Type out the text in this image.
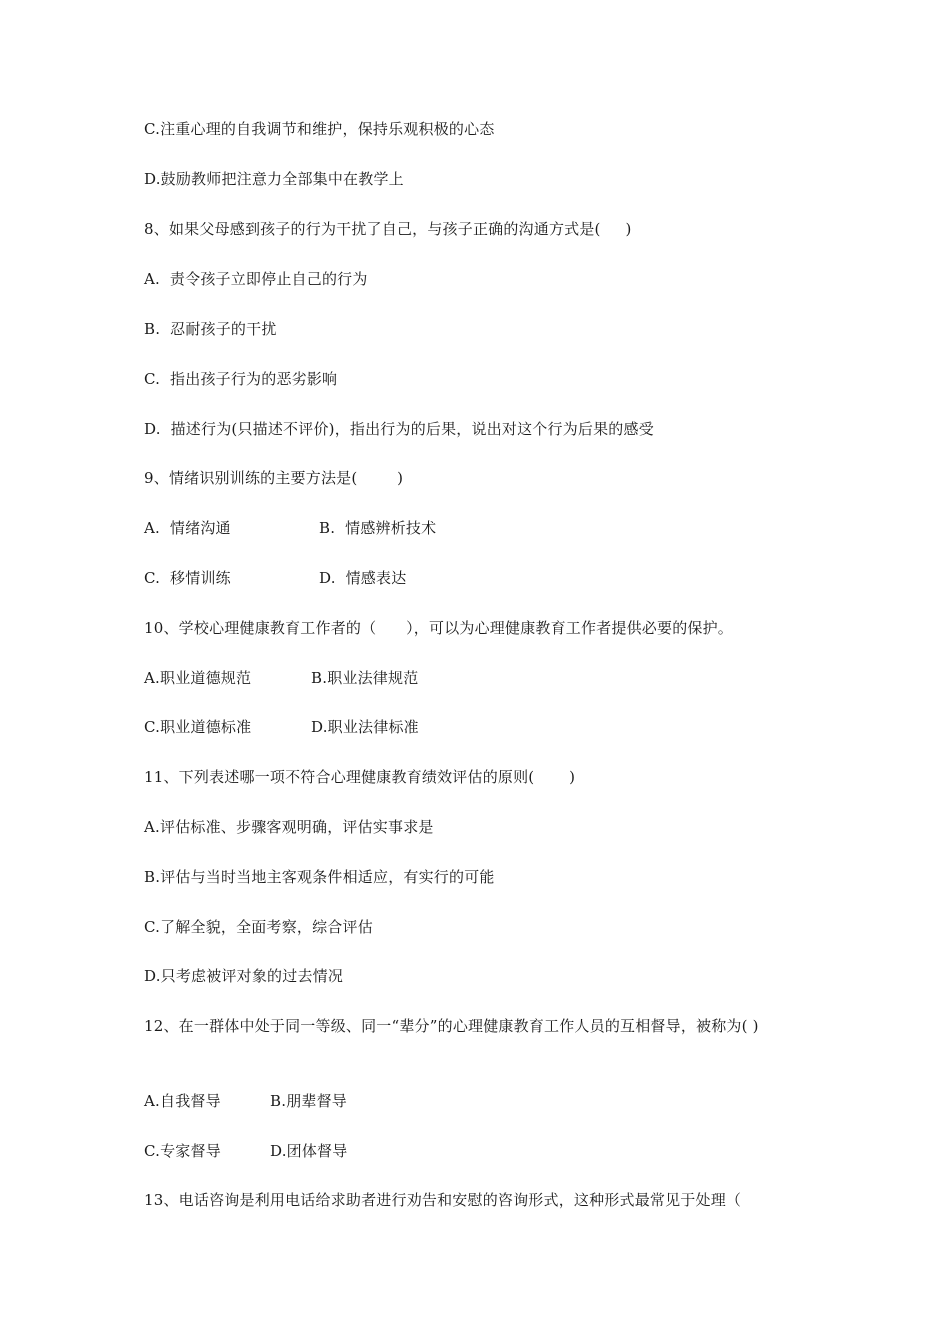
C.注重心理的自我调节和维护，保持乐观积极的心态
D.鼓励教师把注意力全部集中在教学上
8、如果父母感到孩子的行为干扰了自己，与孩子正确的沟通方式是(     )
A.  责令孩子立即停止自己的行为
B.  忍耐孩子的干扰
C.  指出孩子行为的恶劣影响
D.  描述行为(只描述不评价)，指出行为的后果，说出对这个行为后果的感受
9、情绪识别训练的主要方法是(        )
A.  情绪沟通	B.  情感辨析技术
C.  移情训练	D.  情感表达
10、学校心理健康教育工作者的（      ），可以为心理健康教育工作者提供必要的保护。
A.职业道德规范	B.职业法律规范
C.职业道德标准	D.职业法律标准
11、下列表述哪一项不符合心理健康教育绩效评估的原则(       )
A.评估标准、步骤客观明确，评估实事求是
B.评估与当时当地主客观条件相适应，有实行的可能
C.了解全貌，全面考察，综合评估
D.只考虑被评对象的过去情况
12、在一群体中处于同一等级、同一“辈分”的心理健康教育工作人员的互相督导，被称为( )
A.自我督导	B.朋辈督导
C.专家督导	D.团体督导
13、电话咨询是利用电话给求助者进行劝告和安慰的咨询形式，这种形式最常见于处理（
